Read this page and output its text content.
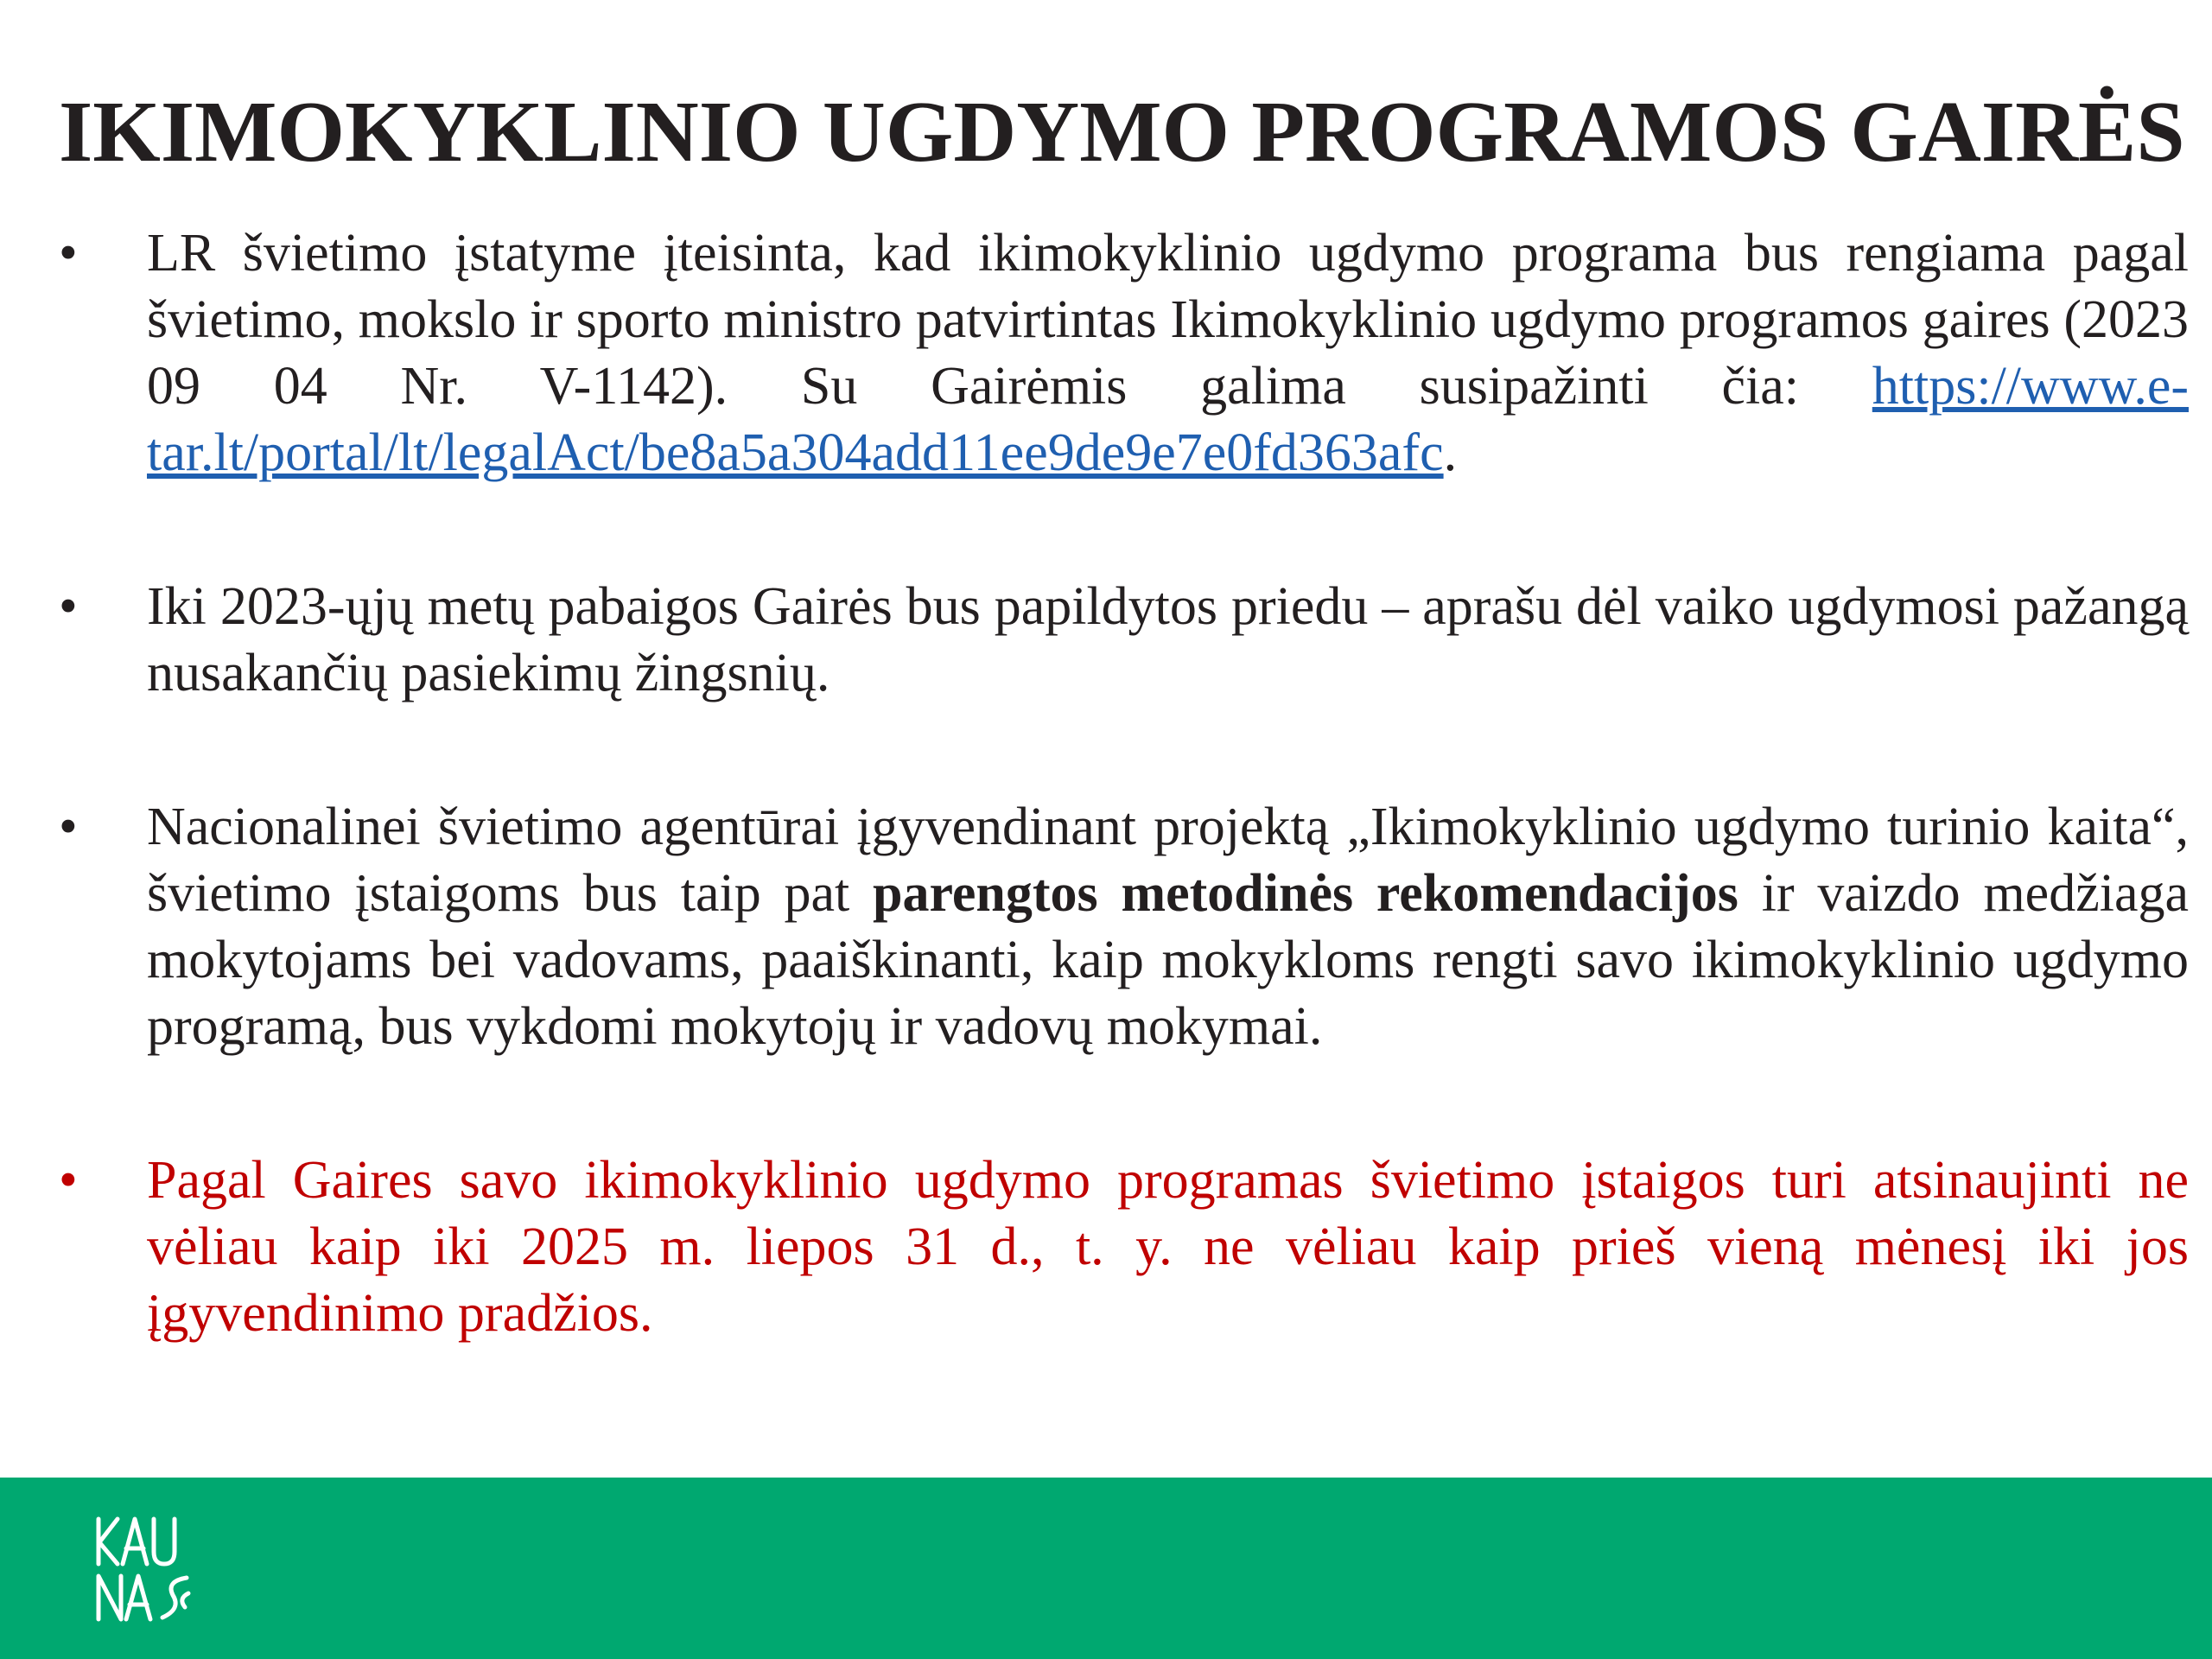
IKIMOKYKLINIO UGDYMO PROGRAMOS GAIRĖS
• LR švietimo įstatyme įteisinta, kad ikimokyklinio ugdymo programa bus rengiama pagal švietimo, mokslo ir sporto ministro patvirtintas Ikimokyklinio ugdymo programos gaires (2023 09 04 Nr. V-1142). Su Gairėmis galima susipažinti čia: https://www.e-tar.lt/portal/lt/legalAct/be8a5a304add11ee9de9e7e0fd363afc.
• Iki 2023-ųjų metų pabaigos Gairės bus papildytos priedu – aprašu dėl vaiko ugdymosi pažangą nusakančių pasiekimų žingsnių.
• Nacionalinei švietimo agentūrai įgyvendinant projektą „Ikimokyklinio ugdymo turinio kaita“, švietimo įstaigoms bus taip pat parengtos metodinės rekomendacijos ir vaizdo medžiaga mokytojams bei vadovams, paaiškinanti, kaip mokykloms rengti savo ikimokyklinio ugdymo programą, bus vykdomi mokytojų ir vadovų mokymai.
• Pagal Gaires savo ikimokyklinio ugdymo programas švietimo įstaigos turi atsinaujinti ne vėliau kaip iki 2025 m. liepos 31 d., t. y. ne vėliau kaip prieš vieną mėnesį iki jos įgyvendinimo pradžios.
